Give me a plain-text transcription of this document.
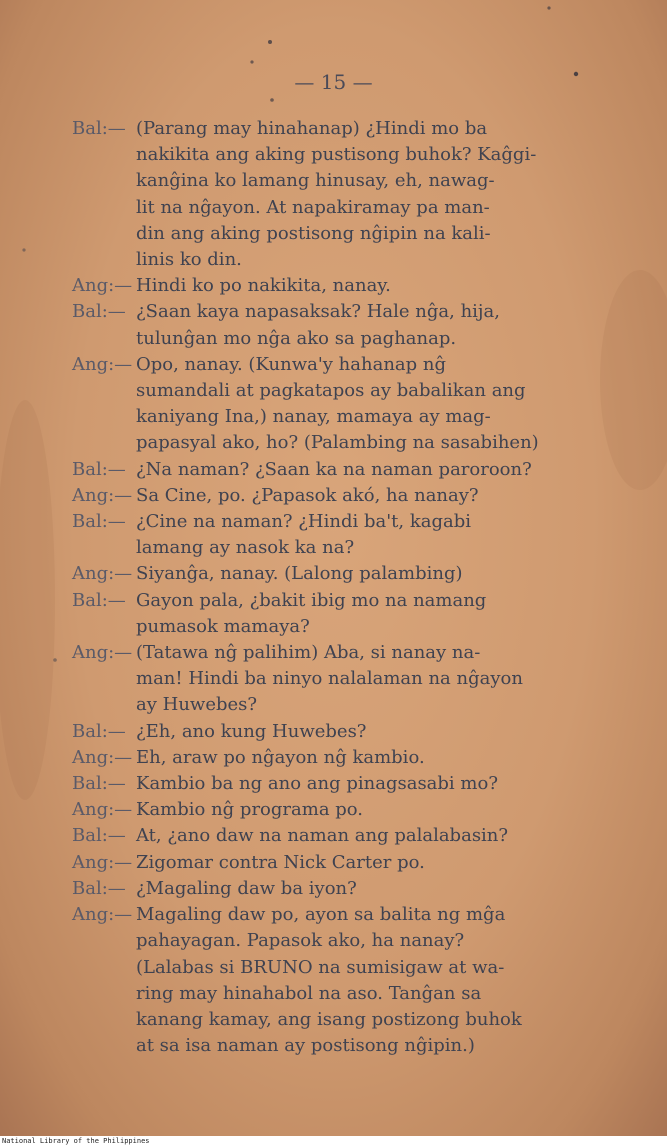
— 15 —
Bal:— (Parang may hinahanap) ¿Hindi mo ba
nakikita ang aking pustisong buhok? Kaĝgi-
kanĝina ko lamang hinusay, eh, nawag-
lit na nĝayon. At napakiramay pa man-
din ang aking postisong nĝipin na kali-
linis ko din.
Ang:— Hindi ko po nakikita, nanay.
Bal:— ¿Saan kaya napasaksak? Hale nĝa, hija,
tulunĝan mo nĝa ako sa paghanap.
Ang:— Opo, nanay. (Kunwa'y hahanap nĝ
sumandali at pagkatapos ay babalikan ang
kaniyang Ina,) nanay, mamaya ay mag-
papasyal ako, ho? (Palambing na sasabihen)
Bal:— ¿Na naman? ¿Saan ka na naman paroroon?
Ang:— Sa Cine, po. ¿Papasok akó, ha nanay?
Bal:— ¿Cine na naman? ¿Hindi ba't, kagabi
lamang ay nasok ka na?
Ang:— Siyanĝa, nanay. (Lalong palambing)
Bal:— Gayon pala, ¿bakit ibig mo na namang
pumasok mamaya?
Ang:— (Tatawa nĝ palihim) Aba, si nanay na-
man! Hindi ba ninyo nalalaman na nĝayon
ay Huwebes?
Bal:— ¿Eh, ano kung Huwebes?
Ang:— Eh, araw po nĝayon nĝ kambio.
Bal:— Kambio ba ng ano ang pinagsasabi mo?
Ang:— Kambio nĝ programa po.
Bal:— At, ¿ano daw na naman ang palalabasin?
Ang:— Zigomar contra Nick Carter po.
Bal:— ¿Magaling daw ba iyon?
Ang:— Magaling daw po, ayon sa balita ng mĝa
pahayagan. Papasok ako, ha nanay?
(Lalabas si BRUNO na sumisigaw at wa-
ring may hinahabol na aso. Tanĝan sa
kanang kamay, ang isang postizong buhok
at sa isa naman ay postisong nĝipin.)
National Library of the Philippines
